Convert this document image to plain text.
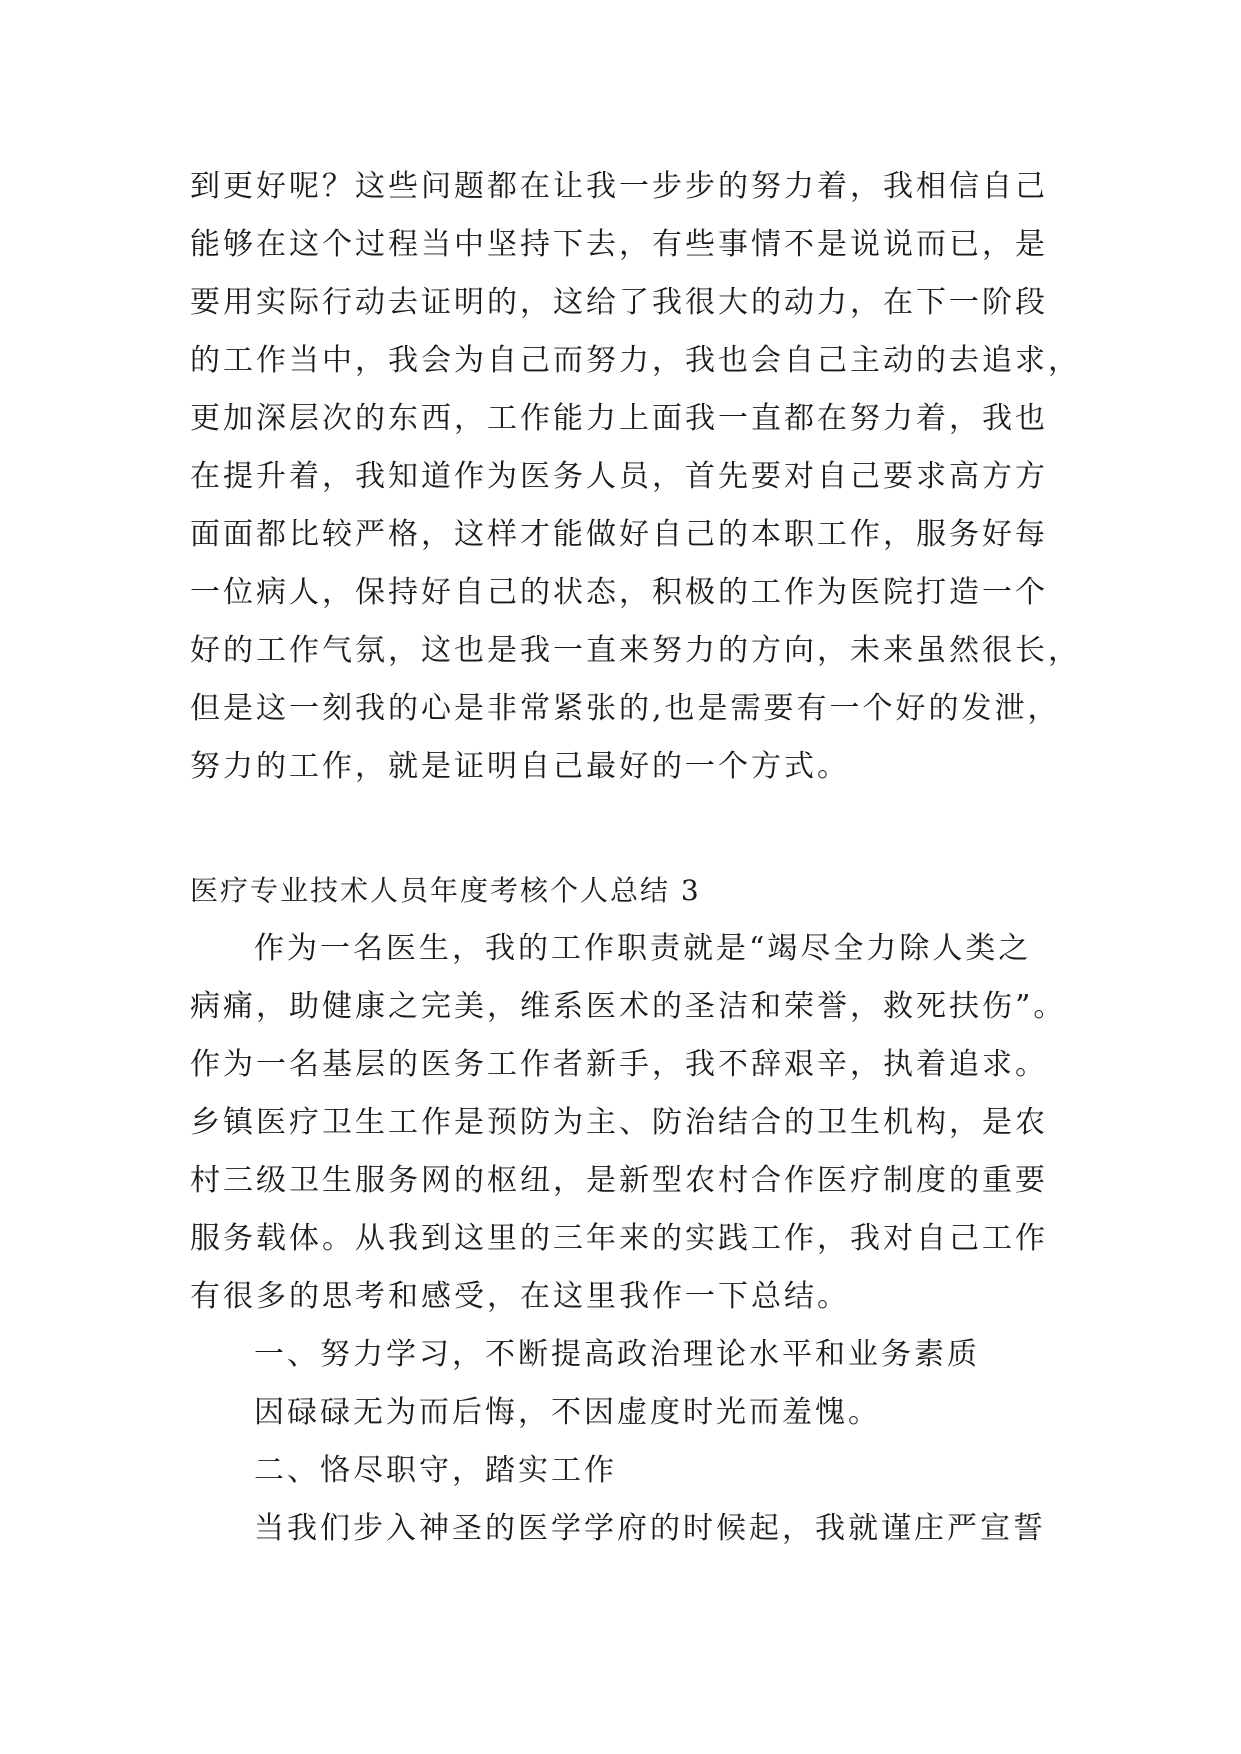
到更好呢？这些问题都在让我一步步的努力着，我相信自己
能够在这个过程当中坚持下去，有些事情不是说说而已，是
要用实际行动去证明的，这给了我很大的动力，在下一阶段
的工作当中，我会为自己而努力，我也会自己主动的去追求，
更加深层次的东西，工作能力上面我一直都在努力着，我也
在提升着，我知道作为医务人员，首先要对自己要求高方方
面面都比较严格，这样才能做好自己的本职工作，服务好每
一位病人，保持好自己的状态，积极的工作为医院打造一个
好的工作气氛，这也是我一直来努力的方向，未来虽然很长，
但是这一刻我的心是非常紧张的,也是需要有一个好的发泄，
努力的工作，就是证明自己最好的一个方式。
医疗专业技术人员年度考核个人总结 3
作为一名医生，我的工作职责就是“竭尽全力除人类之
病痛，助健康之完美，维系医术的圣洁和荣誉，救死扶伤”。
作为一名基层的医务工作者新手，我不辞艰辛，执着追求。
乡镇医疗卫生工作是预防为主、防治结合的卫生机构，是农
村三级卫生服务网的枢纽，是新型农村合作医疗制度的重要
服务载体。从我到这里的三年来的实践工作，我对自己工作
有很多的思考和感受，在这里我作一下总结。
一、努力学习，不断提高政治理论水平和业务素质
因碌碌无为而后悔，不因虚度时光而羞愧。
二、恪尽职守，踏实工作
当我们步入神圣的医学学府的时候起，我就谨庄严宣誓
